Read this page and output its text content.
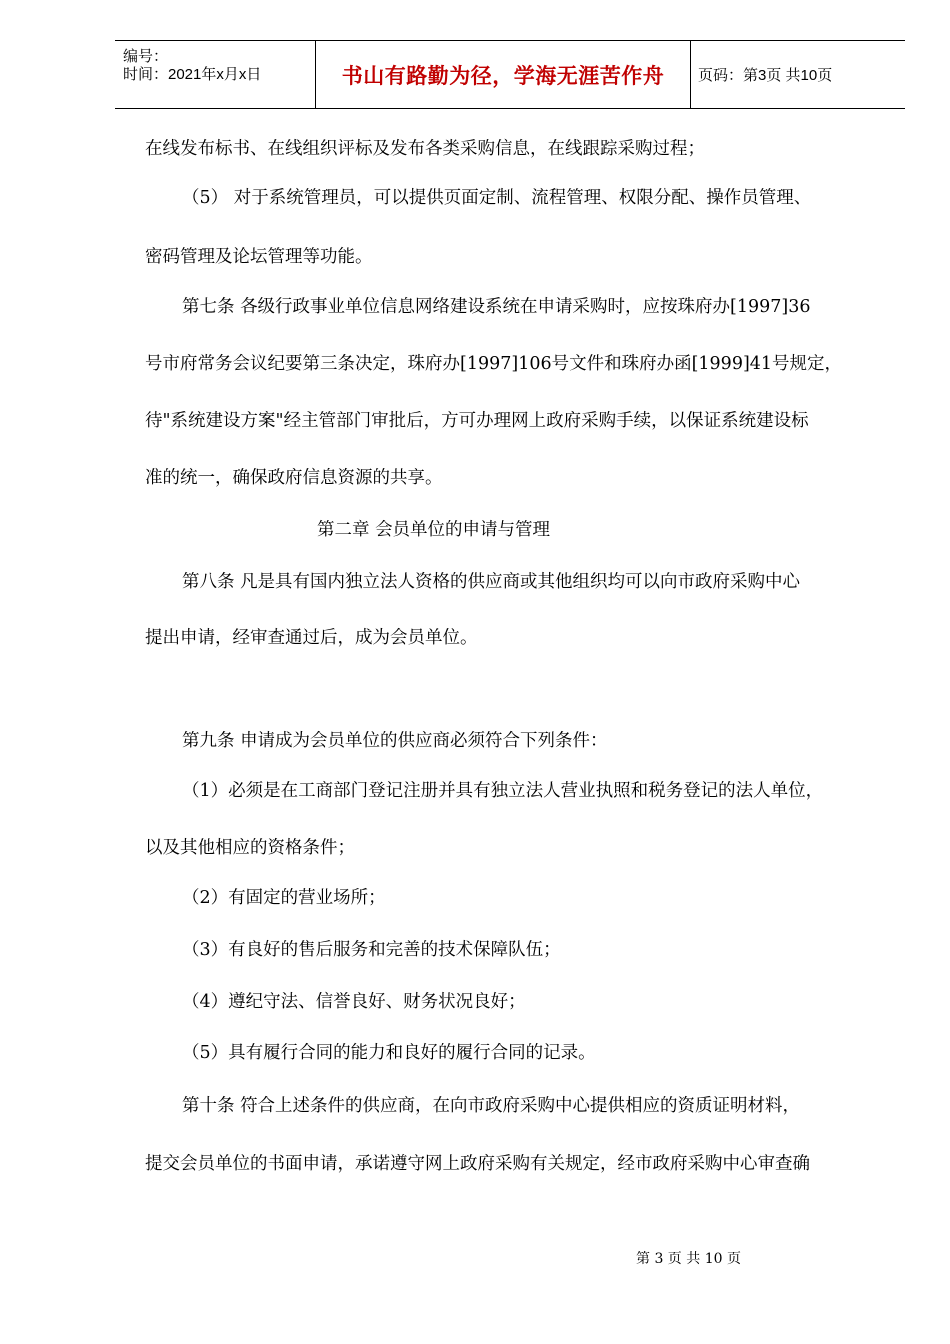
编号：
时间：2021年x月x日	书山有路勤为径，学海无涯苦作舟 页码：第3页 共10页
在线发布标书、在线组织评标及发布各类采购信息，在线跟踪采购过程；
（5） 对于系统管理员，可以提供页面定制、流程管理、权限分配、操作员管理、
密码管理及论坛管理等功能。
第七条 各级行政事业单位信息网络建设系统在申请采购时，应按珠府办[1997]36
号市府常务会议纪要第三条决定，珠府办[1997]106号文件和珠府办函[1999]41号规定，
待"系统建设方案"经主管部门审批后，方可办理网上政府采购手续，以保证系统建设标
准的统一，确保政府信息资源的共享。
第二章 会员单位的申请与管理
第八条 凡是具有国内独立法人资格的供应商或其他组织均可以向市政府采购中心
提出申请，经审查通过后，成为会员单位。
第九条 申请成为会员单位的供应商必须符合下列条件：
（1）必须是在工商部门登记注册并具有独立法人营业执照和税务登记的法人单位，
以及其他相应的资格条件；
（2）有固定的营业场所；
（3）有良好的售后服务和完善的技术保障队伍；
（4）遵纪守法、信誉良好、财务状况良好；
（5）具有履行合同的能力和良好的履行合同的记录。
第十条 符合上述条件的供应商，在向市政府采购中心提供相应的资质证明材料，
提交会员单位的书面申请，承诺遵守网上政府采购有关规定，经市政府采购中心审查确
第 3 页 共 10 页
